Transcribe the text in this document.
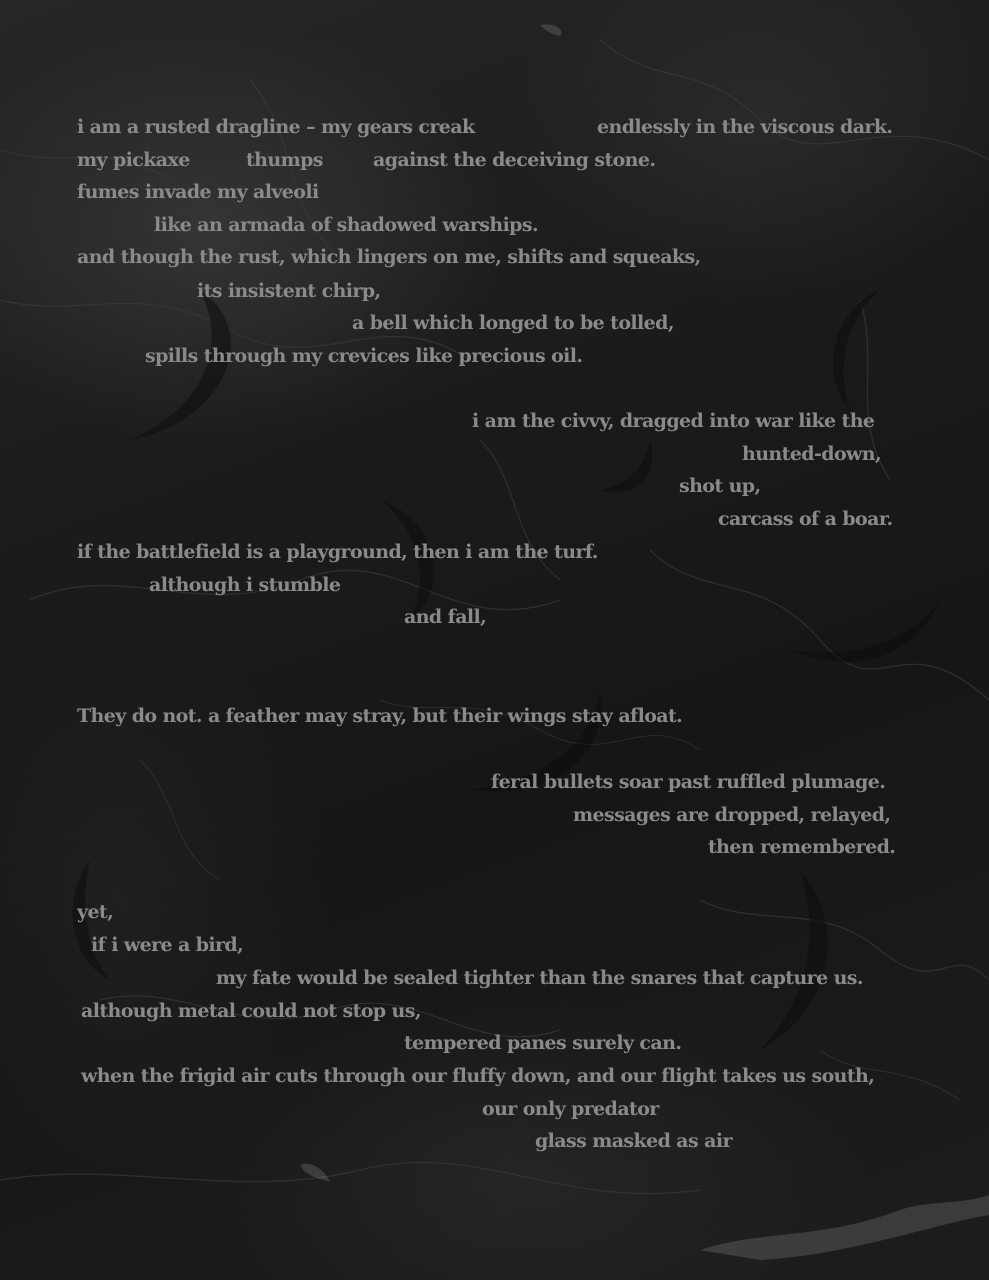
i am a rusted dragline – my gears creak	endlessly in the viscous dark.

my pickaxe	thumps	against the deceiving stone.

fumes invade my alveoli

like an armada of shadowed warships.

and though the rust, which lingers on me, shifts and squeaks,

its insistent chirp,

a bell which longed to be tolled,

spills through my crevices like precious oil.

i am the civvy, dragged into war like the

hunted-down,

shot up,

carcass of a boar.

if the battlefield is a playground, then i am the turf.

although i stumble

and fall,

They do not. a feather may stray, but their wings stay afloat.

feral bullets soar past ruffled plumage.

messages are dropped, relayed,

then remembered.

yet,

if i were a bird,

my fate would be sealed tighter than the snares that capture us.

although metal could not stop us,

tempered panes surely can.

when the frigid air cuts through our fluffy down, and our flight takes us south,

our only predator

glass masked as air
